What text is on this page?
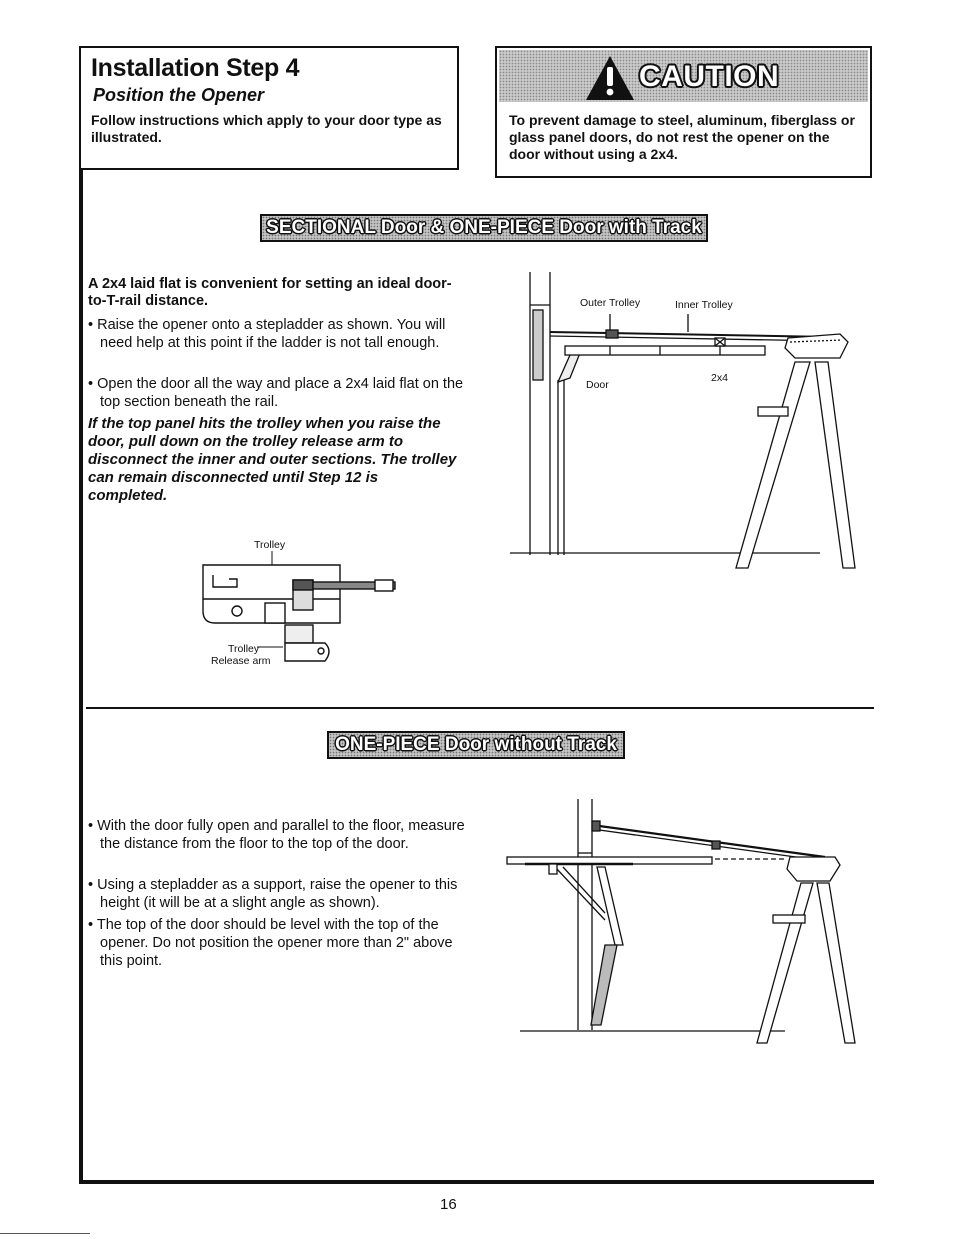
Installation Step 4
Position the Opener
Follow instructions which apply to your door type as illustrated.
CAUTION
To prevent damage to steel, aluminum, fiberglass or glass panel doors, do not rest the opener on the door without using a 2x4.
SECTIONAL Door & ONE-PIECE Door with Track
A 2x4 laid flat is convenient for setting an ideal door-to-T-rail distance.
• Raise the opener onto a stepladder as shown. You will need help at this point if the ladder is not tall enough.
• Open the door all the way and place a 2x4 laid flat on the top section beneath the rail.
If the top panel hits the trolley when you raise the door, pull down on the trolley release arm to disconnect the inner and outer sections. The trolley can remain disconnected until Step 12 is completed.
Outer Trolley	Inner Trolley
Door
2x4
Trolley
Trolley
Release arm
ONE-PIECE Door without Track
• With the door fully open and parallel to the floor, measure the distance from the floor to the top of the door.
• Using a stepladder as a support, raise the opener to this height (it will be at a slight angle as shown).
• The top of the door should be level with the top of the opener. Do not position the opener more than 2" above this point.
16
